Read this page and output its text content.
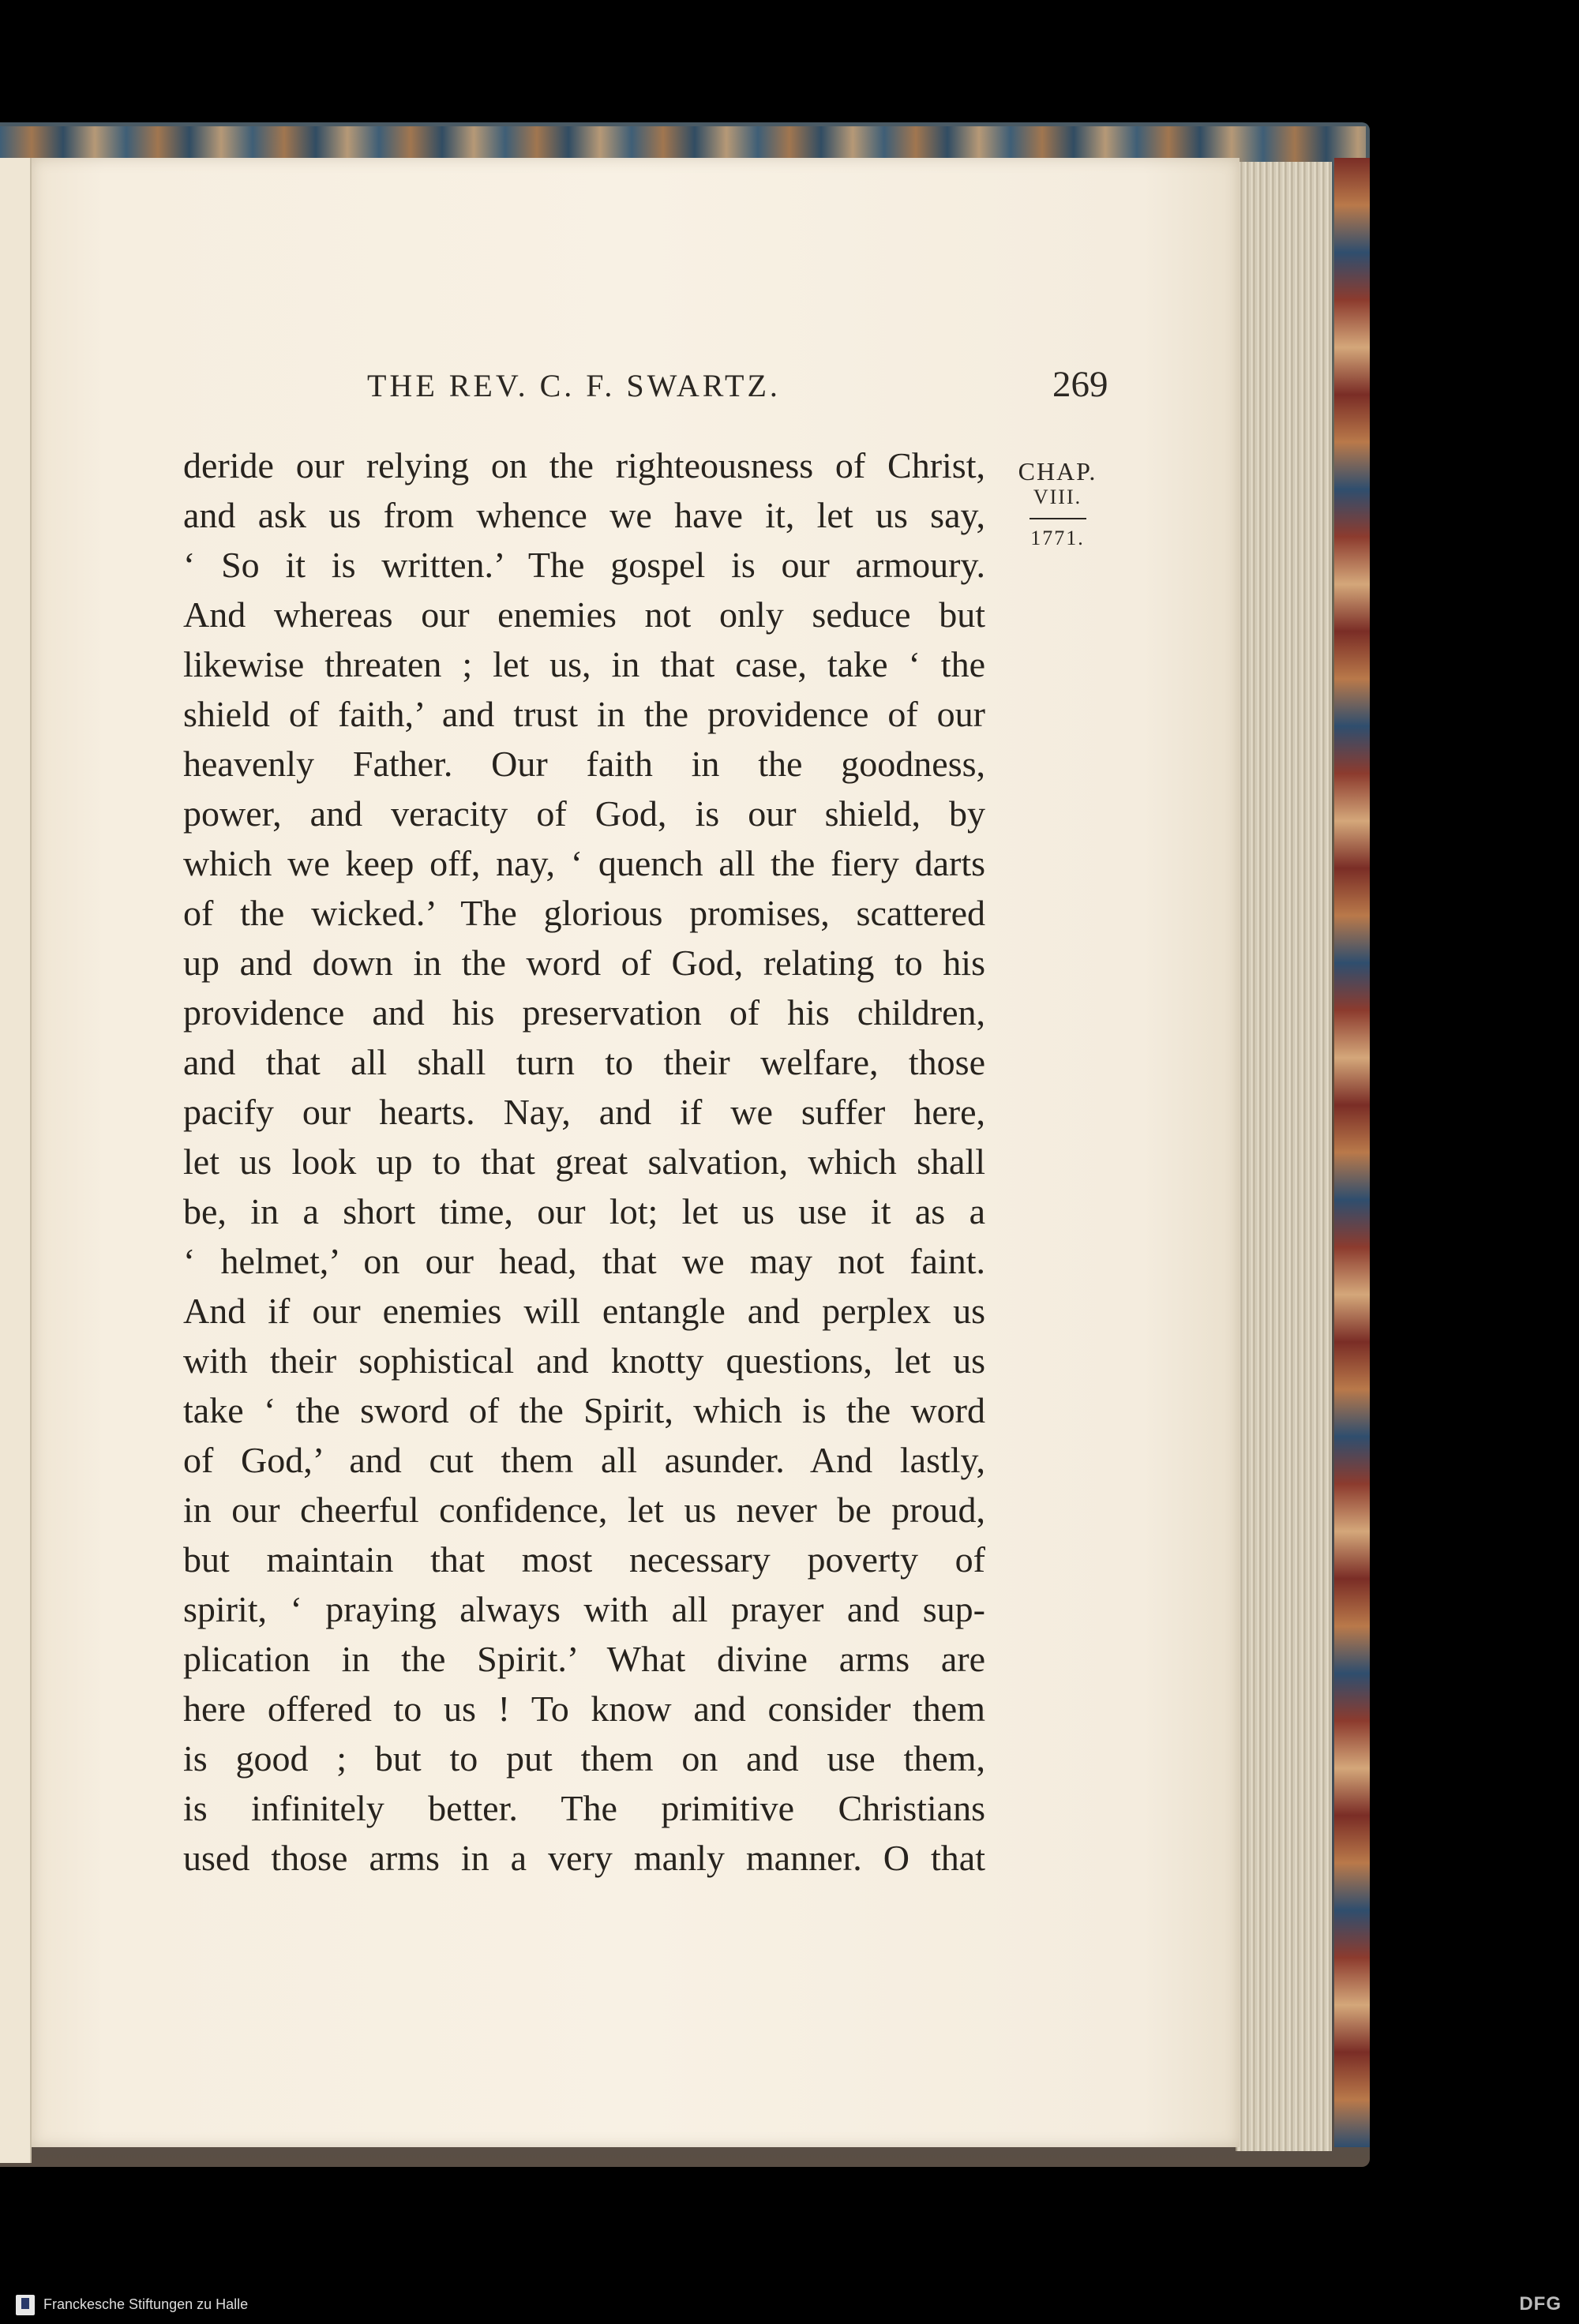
THE REV. C. F. SWARTZ.	269
CHAP.
VIII.
1771.
deride our relying on the righteousness of Christ,
and ask us from whence we have it, let us say,
‘ So it is written.’ The gospel is our armoury.
And whereas our enemies not only seduce but
likewise threaten ; let us, in that case, take ‘ the
shield of faith,’ and trust in the providence of our
heavenly Father. Our faith in the goodness,
power, and veracity of God, is our shield, by
which we keep off, nay, ‘ quench all the fiery darts
of the wicked.’ The glorious promises, scattered
up and down in the word of God, relating to his
providence and his preservation of his children,
and that all shall turn to their welfare, those
pacify our hearts. Nay, and if we suffer here,
let us look up to that great salvation, which shall
be, in a short time, our lot; let us use it as a
‘ helmet,’ on our head, that we may not faint.
And if our enemies will entangle and perplex us
with their sophistical and knotty questions, let us
take ‘ the sword of the Spirit, which is the word
of God,’ and cut them all asunder. And lastly,
in our cheerful confidence, let us never be proud,
but maintain that most necessary poverty of
spirit, ‘ praying always with all prayer and sup-
plication in the Spirit.’ What divine arms are
here offered to us ! To know and consider them
is good ; but to put them on and use them,
is infinitely better. The primitive Christians
used those arms in a very manly manner. O that
Franckesche Stiftungen zu Halle	DFG
